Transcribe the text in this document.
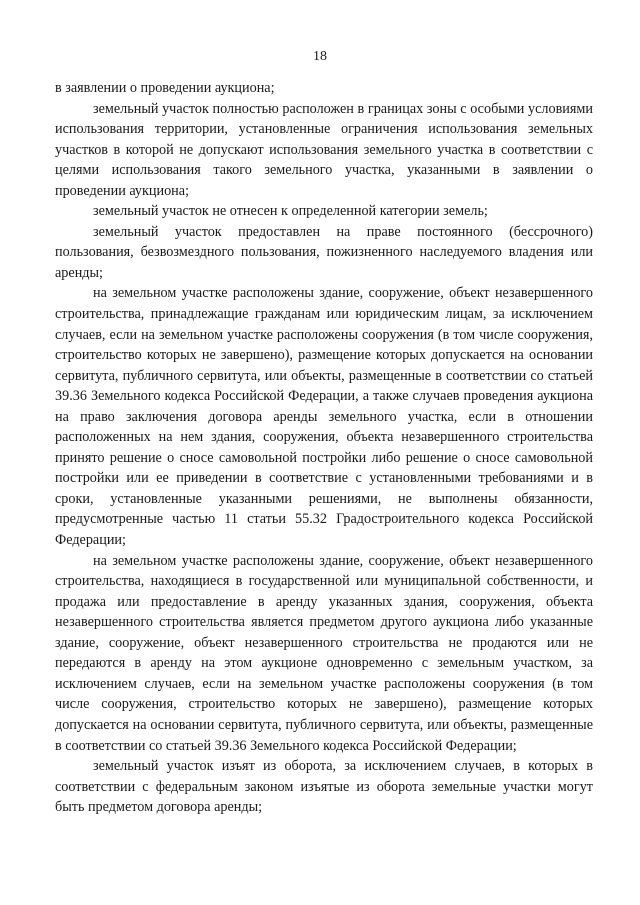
18

в заявлении о проведении аукциона;

земельный участок полностью расположен в границах зоны с особыми условиями использования территории, установленные ограничения использования земельных участков в которой не допускают использования земельного участка в соответствии с целями использования такого земельного участка, указанными в заявлении о проведении аукциона;

земельный участок не отнесен к определенной категории земель;

земельный участок предоставлен на праве постоянного (бессрочного) пользования, безвозмездного пользования, пожизненного наследуемого владения или аренды;

на земельном участке расположены здание, сооружение, объект незавершенного строительства, принадлежащие гражданам или юридическим лицам, за исключением случаев, если на земельном участке расположены сооружения (в том числе сооружения, строительство которых не завершено), размещение которых допускается на основании сервитута, публичного сервитута, или объекты, размещенные в соответствии со статьей 39.36 Земельного кодекса Российской Федерации, а также случаев проведения аукциона на право заключения договора аренды земельного участка, если в отношении расположенных на нем здания, сооружения, объекта незавершенного строительства принято решение о сносе самовольной постройки либо решение о сносе самовольной постройки или ее приведении в соответствие с установленными требованиями и в сроки, установленные указанными решениями, не выполнены обязанности, предусмотренные частью 11 статьи 55.32 Градостроительного кодекса Российской Федерации;

на земельном участке расположены здание, сооружение, объект незавершенного строительства, находящиеся в государственной или муниципальной собственности, и продажа или предоставление в аренду указанных здания, сооружения, объекта незавершенного строительства является предметом другого аукциона либо указанные здание, сооружение, объект незавершенного строительства не продаются или не передаются в аренду на этом аукционе одновременно с земельным участком, за исключением случаев, если на земельном участке расположены сооружения (в том числе сооружения, строительство которых не завершено), размещение которых допускается на основании сервитута, публичного сервитута, или объекты, размещенные в соответствии со статьей 39.36 Земельного кодекса Российской Федерации;

земельный участок изъят из оборота, за исключением случаев, в которых в соответствии с федеральным законом изъятые из оборота земельные участки могут быть предметом договора аренды;
